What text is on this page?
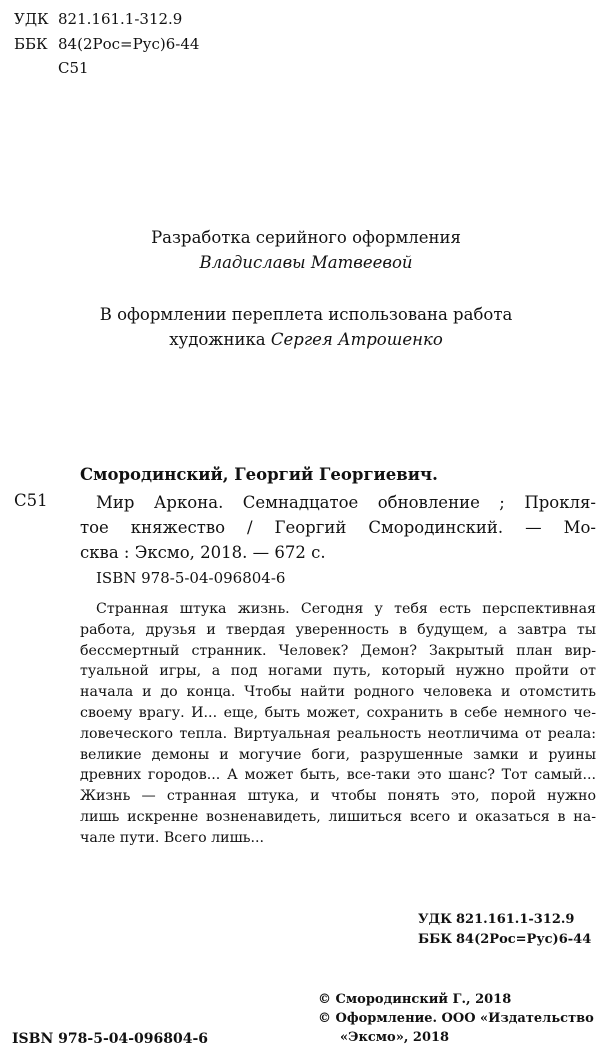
УДК 821.161.1-312.9
ББК 84(2Рос=Рус)6-44
С51
Разработка серийного оформления
Владиславы Матвеевой
В оформлении переплета использована работа
художника Сергея Атрошенко
Смородинский, Георгий Георгиевич.
С51	Мир Аркона. Семнадцатое обновление ; Прокля-
тое княжество / Георгий Смородинский. — Мо-
сква : Эксмо, 2018. — 672 с.
ISBN 978-5-04-096804-6
Странная штука жизнь. Сегодня у тебя есть перспективная
работа, друзья и твердая уверенность в будущем, а завтра ты
бессмертный странник. Человек? Демон? Закрытый план вир-
туальной игры, а под ногами путь, который нужно пройти от
начала и до конца. Чтобы найти родного человека и отомстить
своему врагу. И... еще, быть может, сохранить в себе немного че-
ловеческого тепла. Виртуальная реальность неотличима от реала:
великие демоны и могучие боги, разрушенные замки и руины
древних городов... А может быть, все-таки это шанс? Тот самый...
Жизнь — странная штука, и чтобы понять это, порой нужно
лишь искренне возненавидеть, лишиться всего и оказаться в на-
чале пути. Всего лишь...
УДК 821.161.1-312.9
ББК 84(2Рос=Рус)6-44
© Смородинский Г., 2018
© Оформление. ООО «Издательство
«Эксмо», 2018
ISBN 978-5-04-096804-6
